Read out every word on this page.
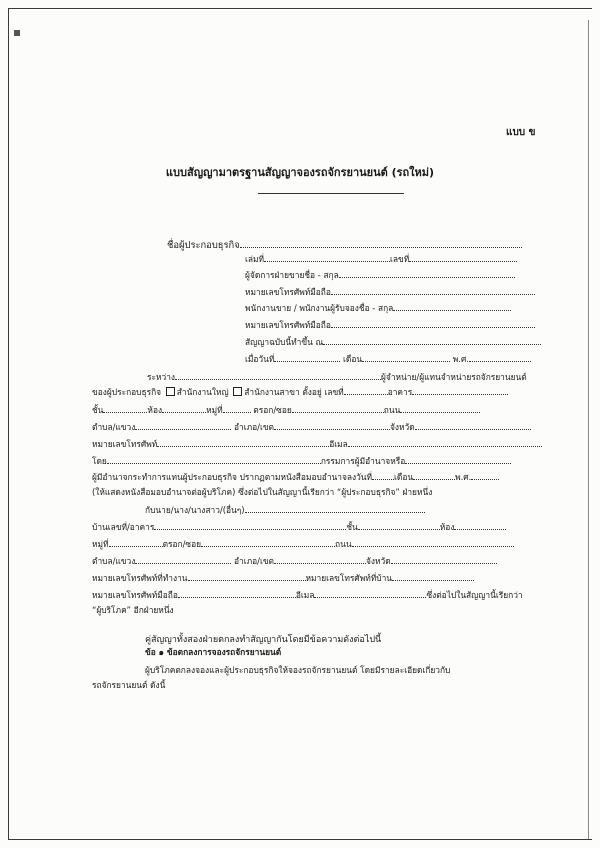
แบบ ข
แบบสัญญามาตรฐานสัญญาจองรถจักรยานยนต์ (รถใหม่)
ชื่อผู้ประกอบธุรกิจ
เล่มที่	เลขที่
ผู้จัดการฝ่ายขายชื่อ - สกุล
หมายเลขโทรศัพท์มือถือ
พนักงานขาย / พนักงานผู้รับจองชื่อ - สกุล
หมายเลขโทรศัพท์มือถือ
สัญญาฉบับนี้ทำขึ้น ณ
เมื่อวันที่	เดือน	พ.ศ.
ระหว่าง	ผู้จำหน่าย/ผู้แทนจำหน่ายรถจักรยานยนต์
ของผู้ประกอบธุรกิจ สำนักงานใหญ่ สำนักงานสาขา ตั้งอยู่ เลขที่	อาคาร
ชั้น	ห้อง	หมู่ที่	ตรอก/ซอย	ถนน
ตำบล/แขวง	อำเภอ/เขต	จังหวัด
หมายเลขโทรศัพท์	อีเมล
โดย	กรรมการผู้มีอำนาจหรือ
ผู้มีอำนาจกระทำการแทนผู้ประกอบธุรกิจ ปรากฏตามหนังสือมอบอำนาจลงวันที่	เดือน	พ.ศ.
(ให้แสดงหนังสือมอบอำนาจต่อผู้บริโภค) ซึ่งต่อไปในสัญญานี้เรียกว่า “ผู้ประกอบธุรกิจ” ฝ่ายหนึ่ง
กับนาย/นาง/นางสาว/(อื่นๆ)
บ้านเลขที่/อาคาร	ชั้น	ห้อง
หมู่ที่	ตรอก/ซอย	ถนน
ตำบล/แขวง	อำเภอ/เขต	จังหวัด
หมายเลขโทรศัพท์ที่ทำงาน	หมายเลขโทรศัพท์ที่บ้าน
หมายเลขโทรศัพท์มือถือ	อีเมล	ซึ่งต่อไปในสัญญานี้เรียกว่า
“ผู้บริโภค” อีกฝ่ายหนึ่ง
คู่สัญญาทั้งสองฝ่ายตกลงทำสัญญากันโดยมีข้อความดังต่อไปนี้
ข้อ ๑ ข้อตกลงการจองรถจักรยานยนต์
ผู้บริโภคตกลงจองและผู้ประกอบธุรกิจให้จองรถจักรยานยนต์ โดยมีรายละเอียดเกี่ยวกับ
รถจักรยานยนต์ ดังนี้
